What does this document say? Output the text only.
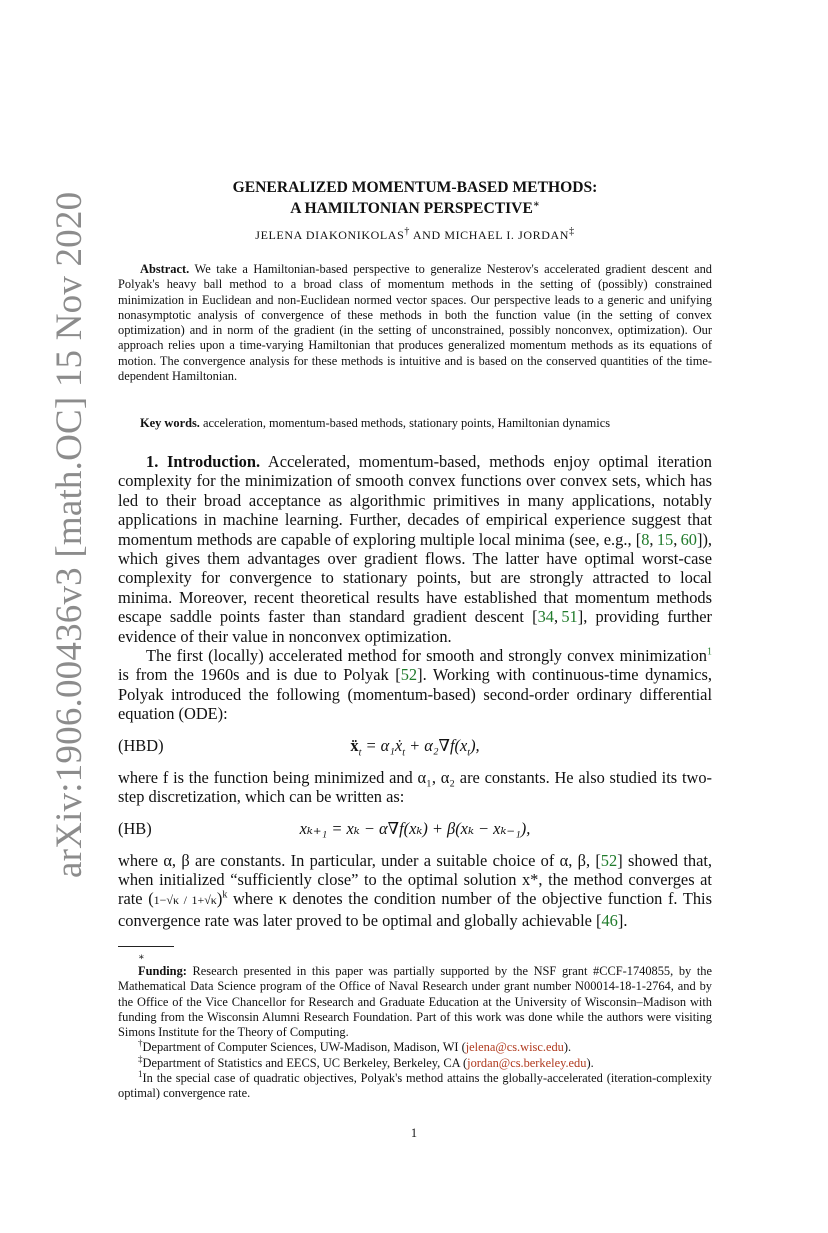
arXiv:1906.00436v3 [math.OC] 15 Nov 2020
GENERALIZED MOMENTUM-BASED METHODS:
A HAMILTONIAN PERSPECTIVE∗
JELENA DIAKONIKOLAS† AND MICHAEL I. JORDAN‡
Abstract. We take a Hamiltonian-based perspective to generalize Nesterov's accelerated gradient descent and Polyak's heavy ball method to a broad class of momentum methods in the setting of (possibly) constrained minimization in Euclidean and non-Euclidean normed vector spaces. Our perspective leads to a generic and unifying nonasymptotic analysis of convergence of these methods in both the function value (in the setting of convex optimization) and in norm of the gradient (in the setting of unconstrained, possibly nonconvex, optimization). Our approach relies upon a time-varying Hamiltonian that produces generalized momentum methods as its equations of motion. The convergence analysis for these methods is intuitive and is based on the conserved quantities of the time-dependent Hamiltonian.
Key words. acceleration, momentum-based methods, stationary points, Hamiltonian dynamics

1. Introduction. Accelerated, momentum-based, methods enjoy optimal iteration complexity for the minimization of smooth convex functions over convex sets, which has led to their broad acceptance as algorithmic primitives in many applications, notably applications in machine learning. Further, decades of empirical experience suggest that momentum methods are capable of exploring multiple local minima (see, e.g., [8, 15, 60]), which gives them advantages over gradient flows. The latter have optimal worst-case complexity for convergence to stationary points, but are strongly attracted to local minima. Moreover, recent theoretical results have established that momentum methods escape saddle points faster than standard gradient descent [34, 51], providing further evidence of their value in nonconvex optimization.

The first (locally) accelerated method for smooth and strongly convex minimization$^1$ is from the 1960s and is due to Polyak [52]. Working with continuous-time dynamics, Polyak introduced the following (momentum-based) second-order ordinary differential equation (ODE):

(HBD)	ẍ$_t$ = α₁ẋ$_t$ + $\alpha_2\nabla f(x_t)$,

where f is the function being minimized and α₁, α₂ are constants. He also studied its two-step discretization, which can be written as:

(HB)	xₖ₊₁ = xₖ − α∇f(xₖ) + β(xₖ − xₖ₋₁),

where α, β are constants. In particular, under a suitable choice of α, β, [52] showed that, when initialized “sufficiently close” to the optimal solution x*, the method converges at rate $(1-√\kappa / 1+√\kappa)^k$ where κ denotes the condition number of the objective function f. This convergence rate was later proved to be optimal and globally achievable [46].

∗

Funding: Research presented in this paper was partially supported by the NSF grant #CCF-1740855, by the Mathematical Data Science program of the Office of Naval Research under grant number N00014-18-1-2764, and by the Office of the Vice Chancellor for Research and Graduate Education at the University of Wisconsin–Madison with funding from the Wisconsin Alumni Research Foundation. Part of this work was done while the authors were visiting Simons Institute for the Theory of Computing.

†Department of Computer Sciences, UW-Madison, Madison, WI (jelena@cs.wisc.edu).

‡Department of Statistics and EECS, UC Berkeley, Berkeley, CA (jordan@cs.berkeley.edu).

$^1$In the special case of quadratic objectives, Polyak's method attains the globally-accelerated (iteration-complexity optimal) convergence rate.

1
